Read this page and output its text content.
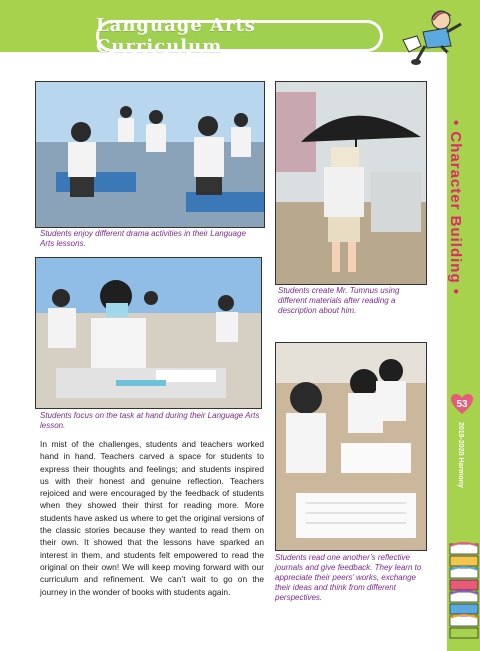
Language Arts Curriculum
• Character Building •
53
2019-2020 Harmony

Students enjoy different drama activities in their Language Arts lessons.

Students create Mr. Tumnus using different materials after reading a description about him.

Students focus on the task at hand during their Language Arts lesson.

Students read one another’s reflective journals and give feedback. They learn to appreciate their peers’ works, exchange their ideas and think from different perspectives.

In mist of the challenges, students and teachers worked hand in hand. Teachers carved a space for students to express their thoughts and feelings; and students inspired us with their honest and genuine reflection. Teachers rejoiced and were encouraged by the feedback of students when they showed their thirst for reading more. More students have asked us where to get the original versions of the classic stories because they wanted to read them on their own. It showed that the lessons have sparked an interest in them, and students felt empowered to read the original on their own! We will keep moving forward with our curriculum and refinement. We can’t wait to go on the journey in the wonder of books with students again.
